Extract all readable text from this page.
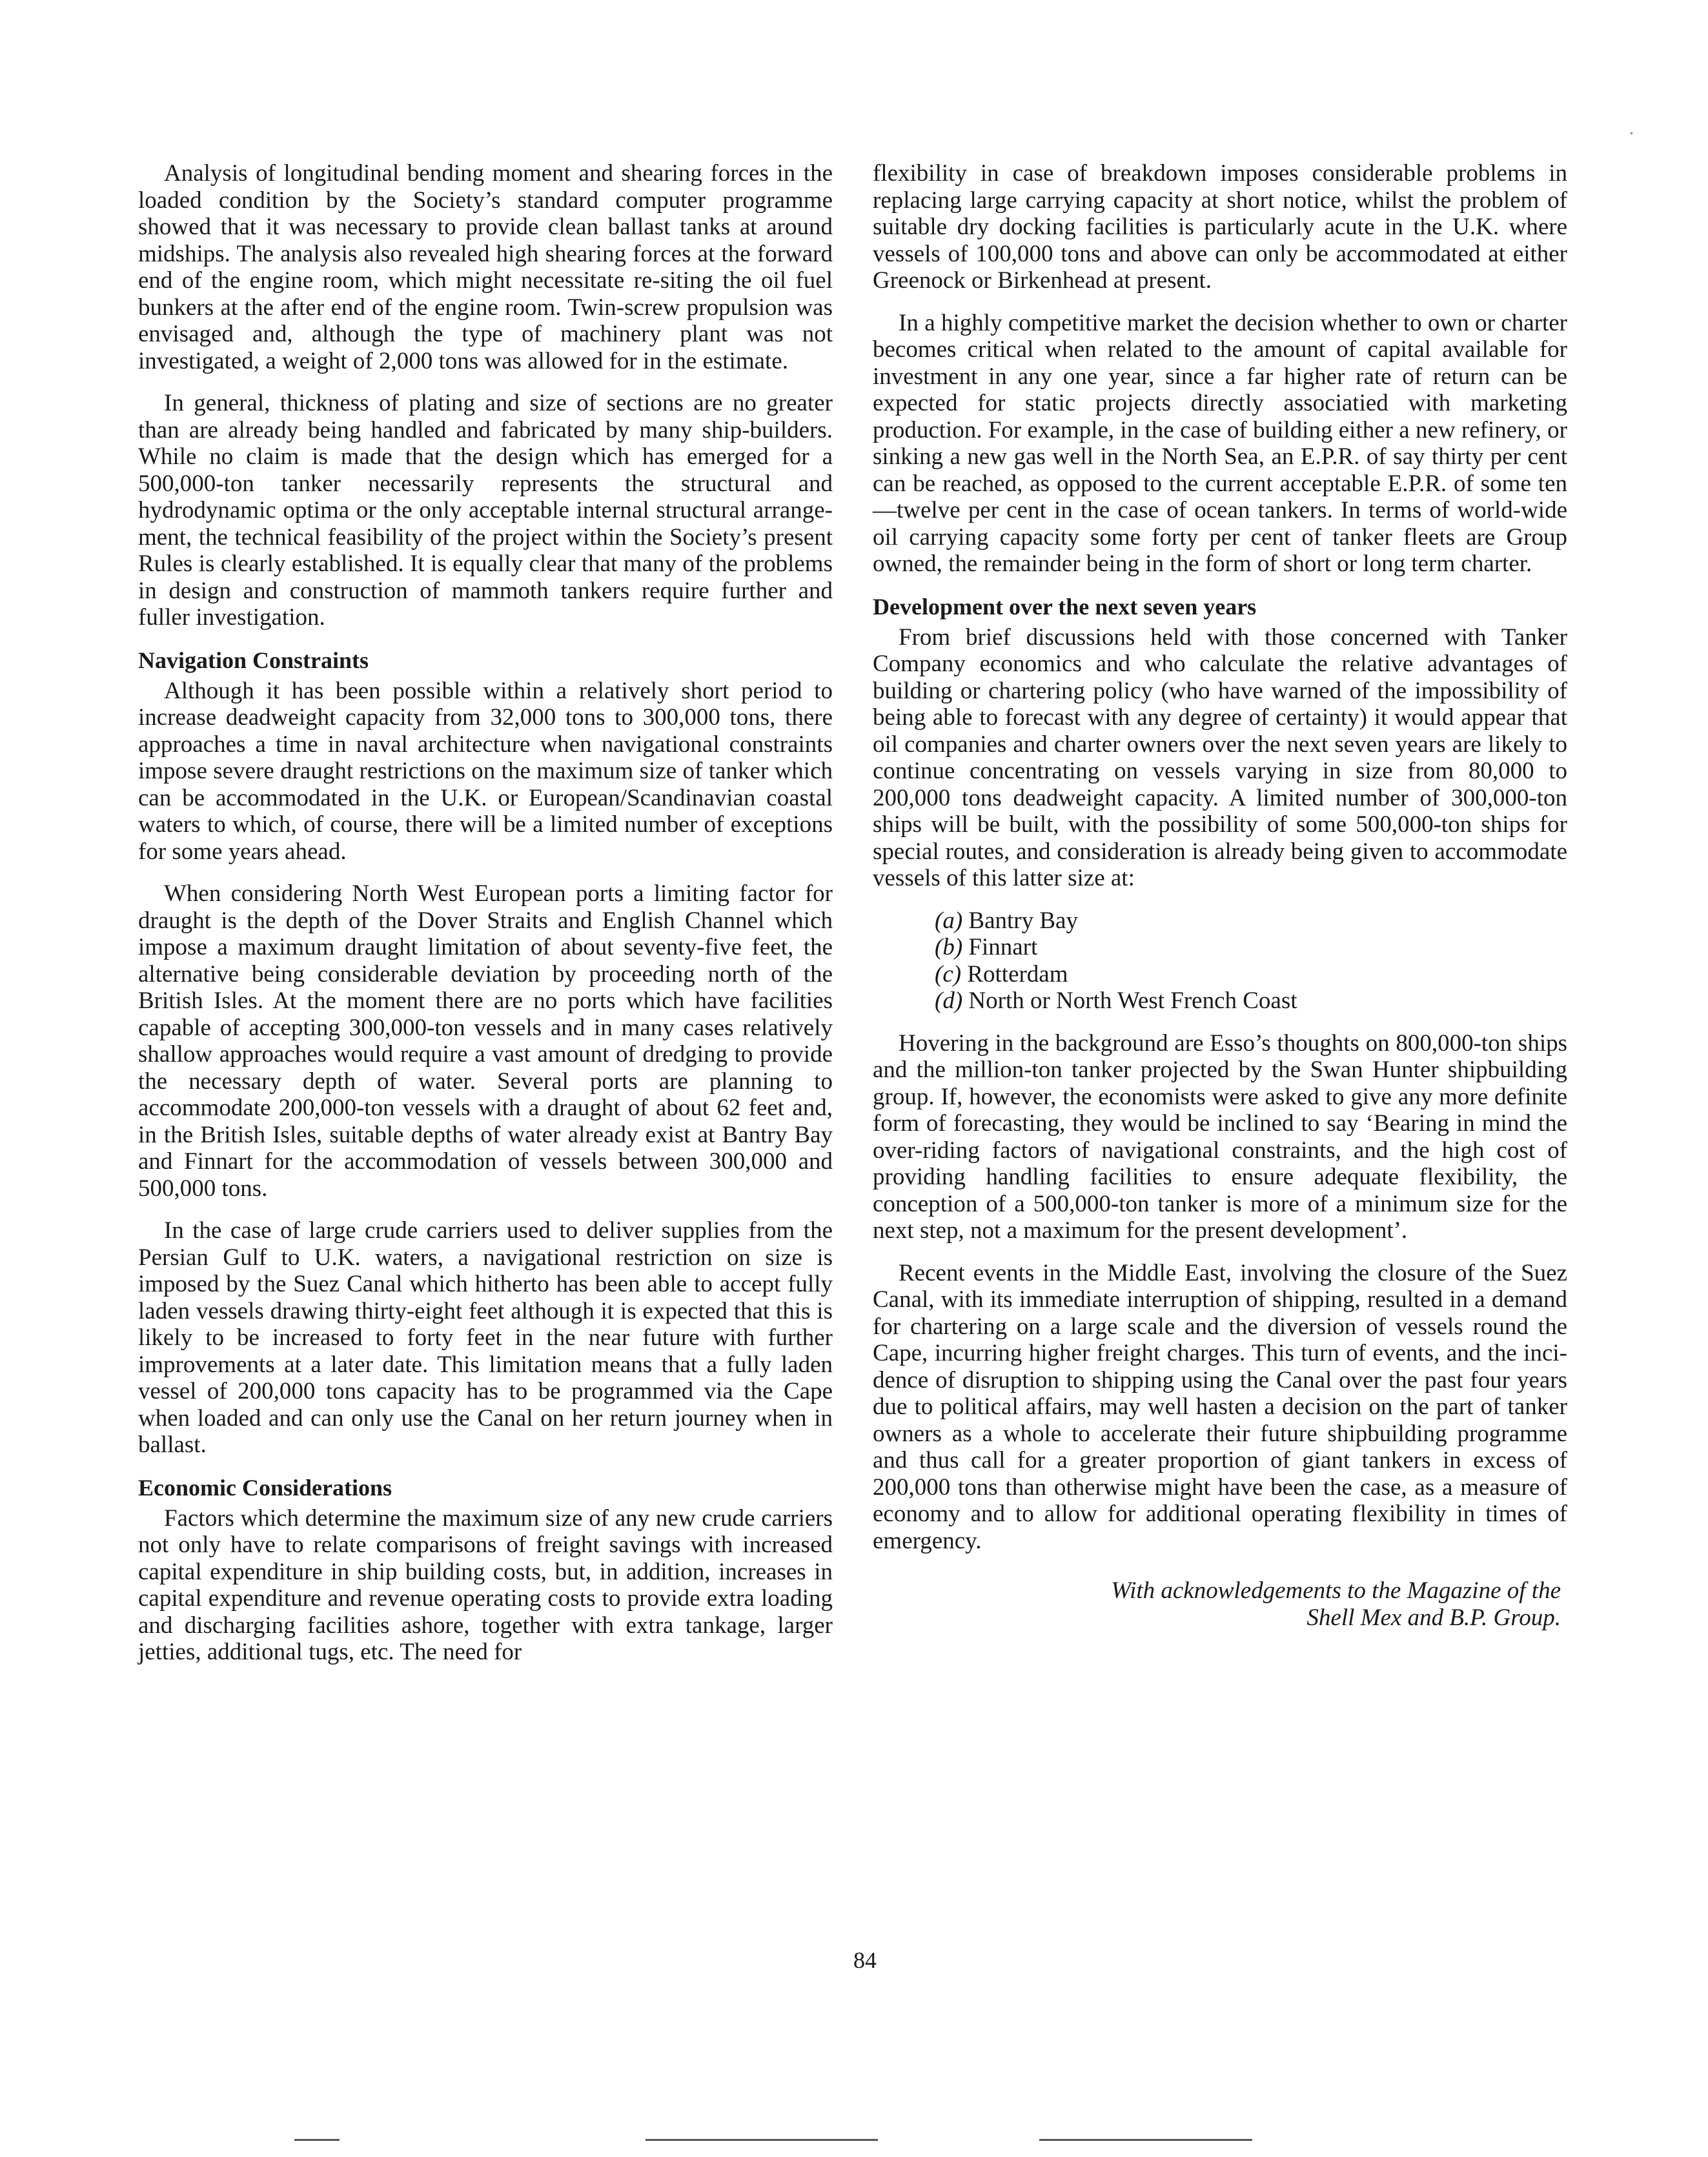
Analysis of longitudinal bending moment and shearing forces in the loaded condition by the Society’s standard computer programme showed that it was necessary to provide clean ballast tanks at around midships. The analysis also revealed high shearing forces at the forward end of the engine room, which might necessitate re-siting the oil fuel bunkers at the after end of the engine room. Twin-screw propulsion was envisaged and, although the type of machinery plant was not investigated, a weight of 2,000 tons was allowed for in the estimate.

In general, thickness of plating and size of sections are no greater than are already being handled and fabricated by many ship-builders. While no claim is made that the design which has emerged for a 500,000-ton tanker necessarily represents the structural and hydrodynamic optima or the only acceptable internal structural arrangement, the technical feasibility of the project within the Society’s present Rules is clearly established. It is equally clear that many of the problems in design and construction of mammoth tankers require further and fuller investigation.

Navigation Constraints

Although it has been possible within a relatively short period to increase deadweight capacity from 32,000 tons to 300,000 tons, there approaches a time in naval architecture when navigational constraints impose severe draught restrictions on the maximum size of tanker which can be accommodated in the U.K. or European/Scandinavian coastal waters to which, of course, there will be a limited number of exceptions for some years ahead.

When considering North West European ports a limiting factor for draught is the depth of the Dover Straits and English Channel which impose a maximum draught limitation of about seventy-five feet, the alternative being considerable deviation by proceeding north of the British Isles. At the moment there are no ports which have facilities capable of accepting 300,000-ton vessels and in many cases relatively shallow approaches would require a vast amount of dredging to provide the necessary depth of water. Several ports are planning to accommodate 200,000-ton vessels with a draught of about 62 feet and, in the British Isles, suitable depths of water already exist at Bantry Bay and Finnart for the accommodation of vessels between 300,000 and 500,000 tons.

In the case of large crude carriers used to deliver supplies from the Persian Gulf to U.K. waters, a navigational restriction on size is imposed by the Suez Canal which hitherto has been able to accept fully laden vessels drawing thirty-eight feet although it is expected that this is likely to be increased to forty feet in the near future with further improvements at a later date. This limitation means that a fully laden vessel of 200,000 tons capacity has to be programmed via the Cape when loaded and can only use the Canal on her return journey when in ballast.

Economic Considerations

Factors which determine the maximum size of any new crude carriers not only have to relate comparisons of freight savings with increased capital expenditure in ship building costs, but, in addition, increases in capital expenditure and revenue operating costs to provide extra loading and discharging facilities ashore, together with extra tankage, larger jetties, additional tugs, etc. The need for

flexibility in case of breakdown imposes considerable problems in replacing large carrying capacity at short notice, whilst the problem of suitable dry docking facilities is particularly acute in the U.K. where vessels of 100,000 tons and above can only be accommodated at either Greenock or Birkenhead at present.

In a highly competitive market the decision whether to own or charter becomes critical when related to the amount of capital available for investment in any one year, since a far higher rate of return can be expected for static projects directly associatied with marketing production. For example, in the case of building either a new refinery, or sinking a new gas well in the North Sea, an E.P.R. of say thirty per cent can be reached, as opposed to the current acceptable E.P.R. of some ten—twelve per cent in the case of ocean tankers. In terms of world-wide oil carrying capacity some forty per cent of tanker fleets are Group owned, the remainder being in the form of short or long term charter.

Development over the next seven years

From brief discussions held with those concerned with Tanker Company economics and who calculate the relative advantages of building or chartering policy (who have warned of the impossibility of being able to forecast with any degree of certainty) it would appear that oil companies and charter owners over the next seven years are likely to continue concentrating on vessels varying in size from 80,000 to 200,000 tons deadweight capacity. A limited number of 300,000-ton ships will be built, with the possibility of some 500,000-ton ships for special routes, and consideration is already being given to accommodate vessels of this latter size at:

(a) Bantry Bay
(b) Finnart
(c) Rotterdam
(d) North or North West French Coast

Hovering in the background are Esso’s thoughts on 800,000-ton ships and the million-ton tanker projected by the Swan Hunter shipbuilding group. If, however, the economists were asked to give any more definite form of forecasting, they would be inclined to say ‘Bearing in mind the over-riding factors of navigational constraints, and the high cost of providing handling facilities to ensure adequate flexibility, the conception of a 500,000-ton tanker is more of a minimum size for the next step, not a maximum for the present development’.

Recent events in the Middle East, involving the closure of the Suez Canal, with its immediate interruption of shipping, resulted in a demand for chartering on a large scale and the diversion of vessels round the Cape, incurring higher freight charges. This turn of events, and the incidence of disruption to shipping using the Canal over the past four years due to political affairs, may well hasten a decision on the part of tanker owners as a whole to accelerate their future shipbuilding programme and thus call for a greater proportion of giant tankers in excess of 200,000 tons than otherwise might have been the case, as a measure of economy and to allow for additional operating flexibility in times of emergency.

With acknowledgements to the Magazine of the
Shell Mex and B.P. Group.
84
